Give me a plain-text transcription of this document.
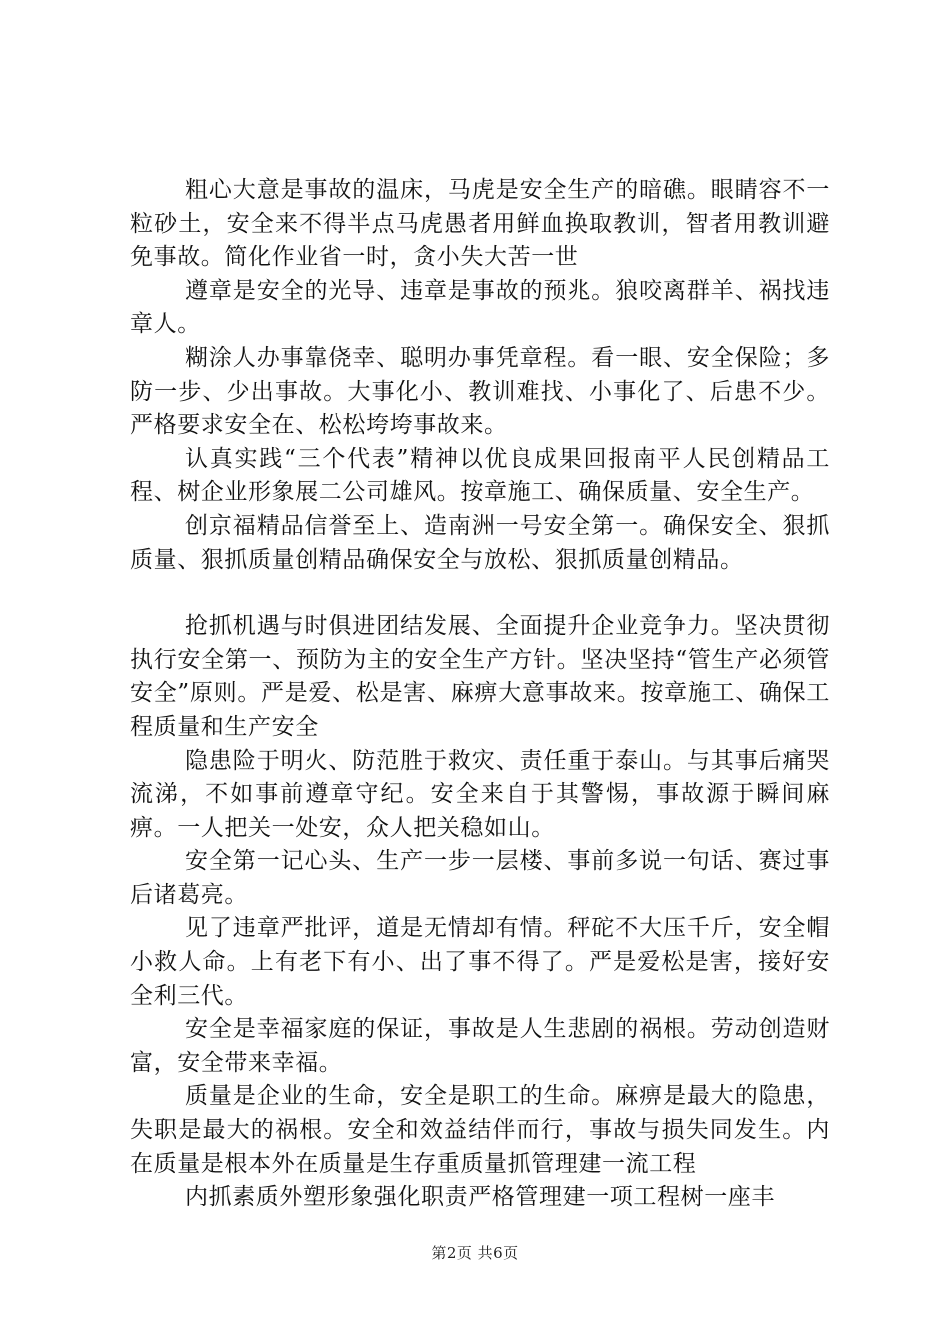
粗心大意是事故的温床，马虎是安全生产的暗礁。眼睛容不一粒砂土，安全来不得半点马虎愚者用鲜血换取教训，智者用教训避免事故。简化作业省一时，贪小失大苦一世

遵章是安全的光导、违章是事故的预兆。狼咬离群羊、祸找违章人。

糊涂人办事靠侥幸、聪明办事凭章程。看一眼、安全保险；多防一步、少出事故。大事化小、教训难找、小事化了、后患不少。严格要求安全在、松松垮垮事故来。

认真实践“三个代表”精神以优良成果回报南平人民创精品工程、树企业形象展二公司雄风。按章施工、确保质量、安全生产。

创京福精品信誉至上、造南洲一号安全第一。确保安全、狠抓质量、狠抓质量创精品确保安全与放松、狠抓质量创精品。

抢抓机遇与时俱进团结发展、全面提升企业竞争力。坚决贯彻执行安全第一、预防为主的安全生产方针。坚决坚持“管生产必须管安全”原则。严是爱、松是害、麻痹大意事故来。按章施工、确保工程质量和生产安全

隐患险于明火、防范胜于救灾、责任重于泰山。与其事后痛哭流涕，不如事前遵章守纪。安全来自于其警惕，事故源于瞬间麻痹。一人把关一处安，众人把关稳如山。

安全第一记心头、生产一步一层楼、事前多说一句话、赛过事后诸葛亮。

见了违章严批评，道是无情却有情。秤砣不大压千斤，安全帽小救人命。上有老下有小、出了事不得了。严是爱松是害，接好安全利三代。

安全是幸福家庭的保证，事故是人生悲剧的祸根。劳动创造财富，安全带来幸福。

质量是企业的生命，安全是职工的生命。麻痹是最大的隐患，失职是最大的祸根。安全和效益结伴而行，事故与损失同发生。内在质量是根本外在质量是生存重质量抓管理建一流工程

内抓素质外塑形象强化职责严格管理建一项工程树一座丰

第2页 共6页
